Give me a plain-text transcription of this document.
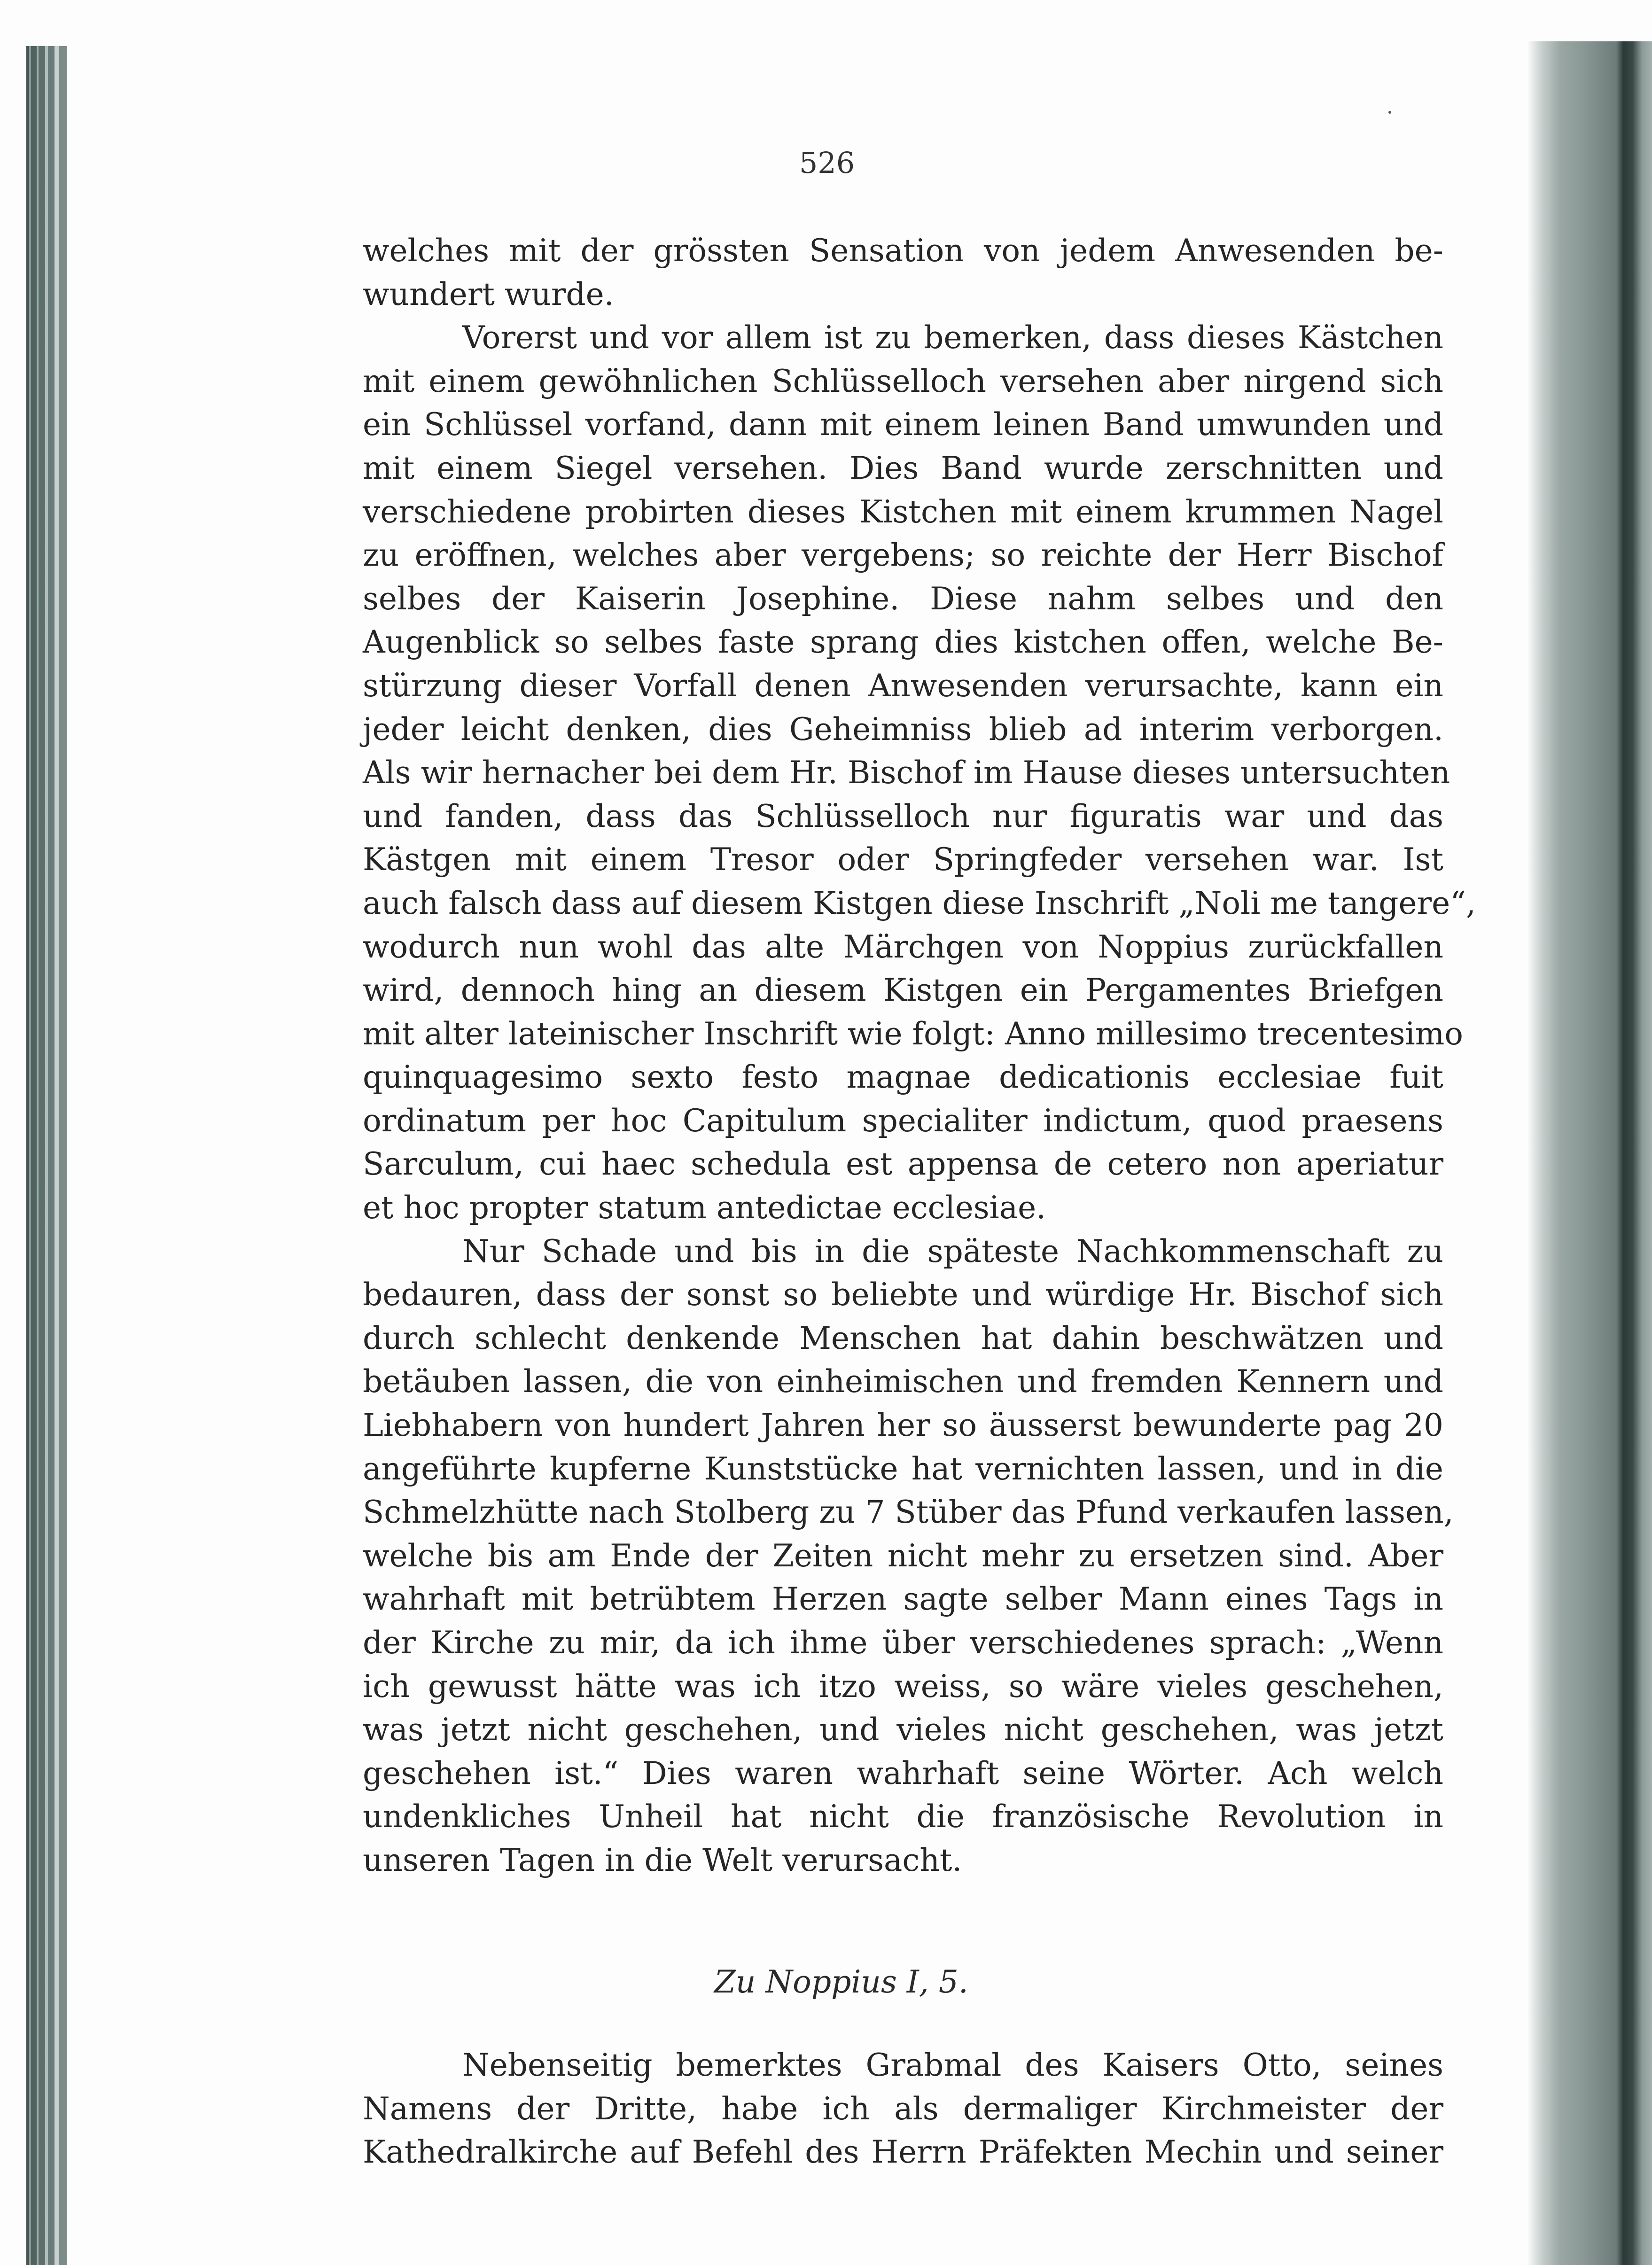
526
welches mit der grössten Sensation von jedem Anwesenden be-
wundert wurde.
Vorerst und vor allem ist zu bemerken, dass dieses Kästchen
mit einem gewöhnlichen Schlüsselloch versehen aber nirgend sich
ein Schlüssel vorfand, dann mit einem leinen Band umwunden und
mit einem Siegel versehen. Dies Band wurde zerschnitten und
verschiedene probirten dieses Kistchen mit einem krummen Nagel
zu eröffnen, welches aber vergebens; so reichte der Herr Bischof
selbes der Kaiserin Josephine. Diese nahm selbes und den
Augenblick so selbes faste sprang dies kistchen offen, welche Be-
stürzung dieser Vorfall denen Anwesenden verursachte, kann ein
jeder leicht denken, dies Geheimniss blieb ad interim verborgen.
Als wir hernacher bei dem Hr. Bischof im Hause dieses untersuchten
und fanden, dass das Schlüsselloch nur figuratis war und das
Kästgen mit einem Tresor oder Springfeder versehen war. Ist
auch falsch dass auf diesem Kistgen diese Inschrift „Noli me tangere“,
wodurch nun wohl das alte Märchgen von Noppius zurückfallen
wird, dennoch hing an diesem Kistgen ein Pergamentes Briefgen
mit alter lateinischer Inschrift wie folgt: Anno millesimo trecentesimo
quinquagesimo sexto festo magnae dedicationis ecclesiae fuit
ordinatum per hoc Capitulum specialiter indictum, quod praesens
Sarculum, cui haec schedula est appensa de cetero non aperiatur
et hoc propter statum antedictae ecclesiae.
Nur Schade und bis in die späteste Nachkommenschaft zu
bedauren, dass der sonst so beliebte und würdige Hr. Bischof sich
durch schlecht denkende Menschen hat dahin beschwätzen und
betäuben lassen, die von einheimischen und fremden Kennern und
Liebhabern von hundert Jahren her so äusserst bewunderte pag 20
angeführte kupferne Kunststücke hat vernichten lassen, und in die
Schmelzhütte nach Stolberg zu 7 Stüber das Pfund verkaufen lassen,
welche bis am Ende der Zeiten nicht mehr zu ersetzen sind. Aber
wahrhaft mit betrübtem Herzen sagte selber Mann eines Tags in
der Kirche zu mir, da ich ihme über verschiedenes sprach: „Wenn
ich gewusst hätte was ich itzo weiss, so wäre vieles geschehen,
was jetzt nicht geschehen, und vieles nicht geschehen, was jetzt
geschehen ist.“ Dies waren wahrhaft seine Wörter. Ach welch
undenkliches Unheil hat nicht die französische Revolution in
unseren Tagen in die Welt verursacht.
Zu Noppius I, 5.
Nebenseitig bemerktes Grabmal des Kaisers Otto, seines
Namens der Dritte, habe ich als dermaliger Kirchmeister der
Kathedralkirche auf Befehl des Herrn Präfekten Mechin und seiner
